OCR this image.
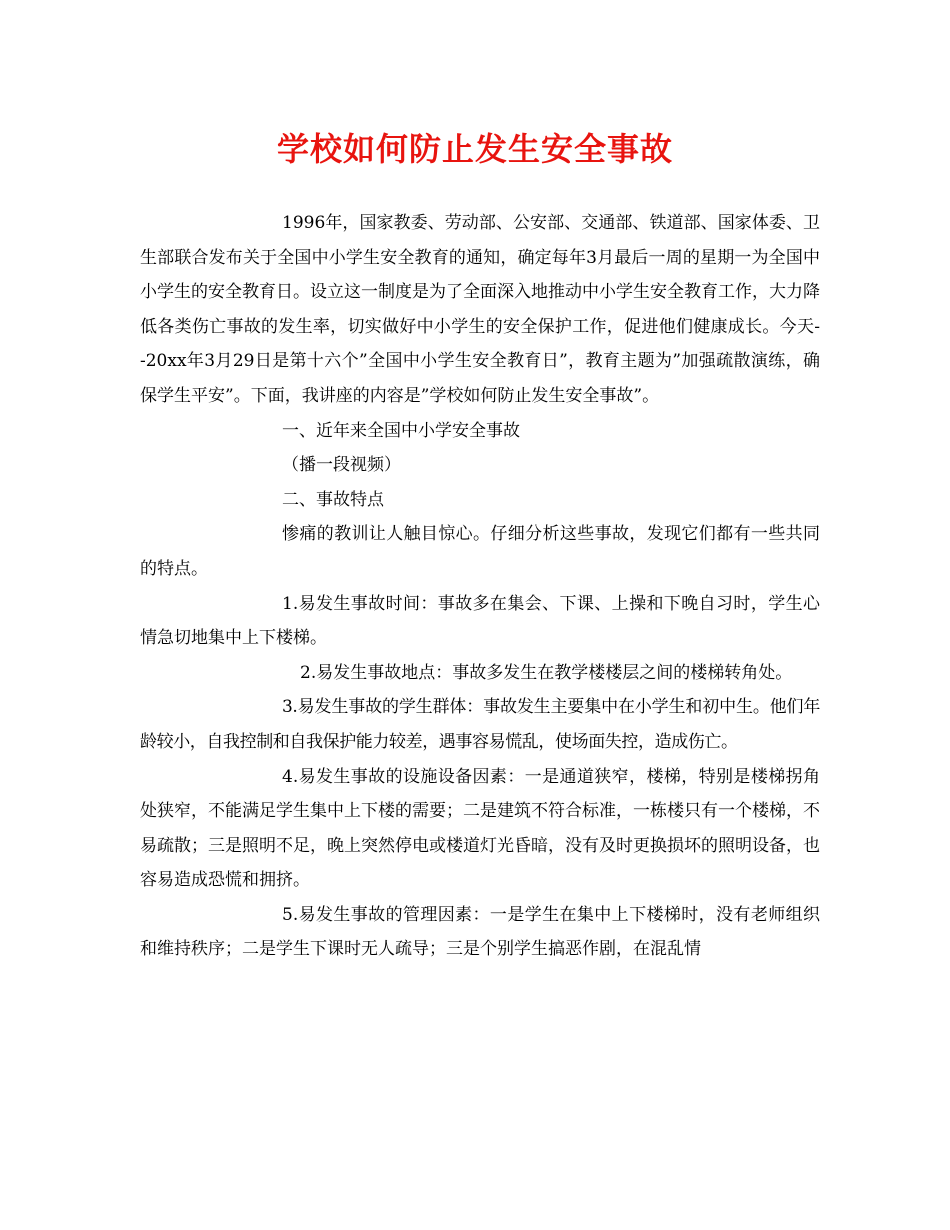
学校如何防止发生安全事故

1996年，国家教委、劳动部、公安部、交通部、铁道部、国家体委、卫生部联合发布关于全国中小学生安全教育的通知，确定每年3月最后一周的星期一为全国中小学生的安全教育日。设立这一制度是为了全面深入地推动中小学生安全教育工作，大力降低各类伤亡事故的发生率，切实做好中小学生的安全保护工作，促进他们健康成长。今天--20xx年3月29日是第十六个”全国中小学生安全教育日”，教育主题为”加强疏散演练，确保学生平安”。下面，我讲座的内容是”学校如何防止发生安全事故”。

一、近年来全国中小学安全事故

（播一段视频）

二、事故特点

惨痛的教训让人触目惊心。仔细分析这些事故，发现它们都有一些共同的特点。

1.易发生事故时间：事故多在集会、下课、上操和下晚自习时，学生心情急切地集中上下楼梯。

2.易发生事故地点：事故多发生在教学楼楼层之间的楼梯转角处。

3.易发生事故的学生群体：事故发生主要集中在小学生和初中生。他们年龄较小，自我控制和自我保护能力较差，遇事容易慌乱，使场面失控，造成伤亡。

4.易发生事故的设施设备因素：一是通道狭窄，楼梯，特别是楼梯拐角处狭窄，不能满足学生集中上下楼的需要；二是建筑不符合标准，一栋楼只有一个楼梯，不易疏散；三是照明不足，晚上突然停电或楼道灯光昏暗，没有及时更换损坏的照明设备，也容易造成恐慌和拥挤。

5.易发生事故的管理因素：一是学生在集中上下楼梯时，没有老师组织和维持秩序；二是学生下课时无人疏导；三是个别学生搞恶作剧，在混乱情
